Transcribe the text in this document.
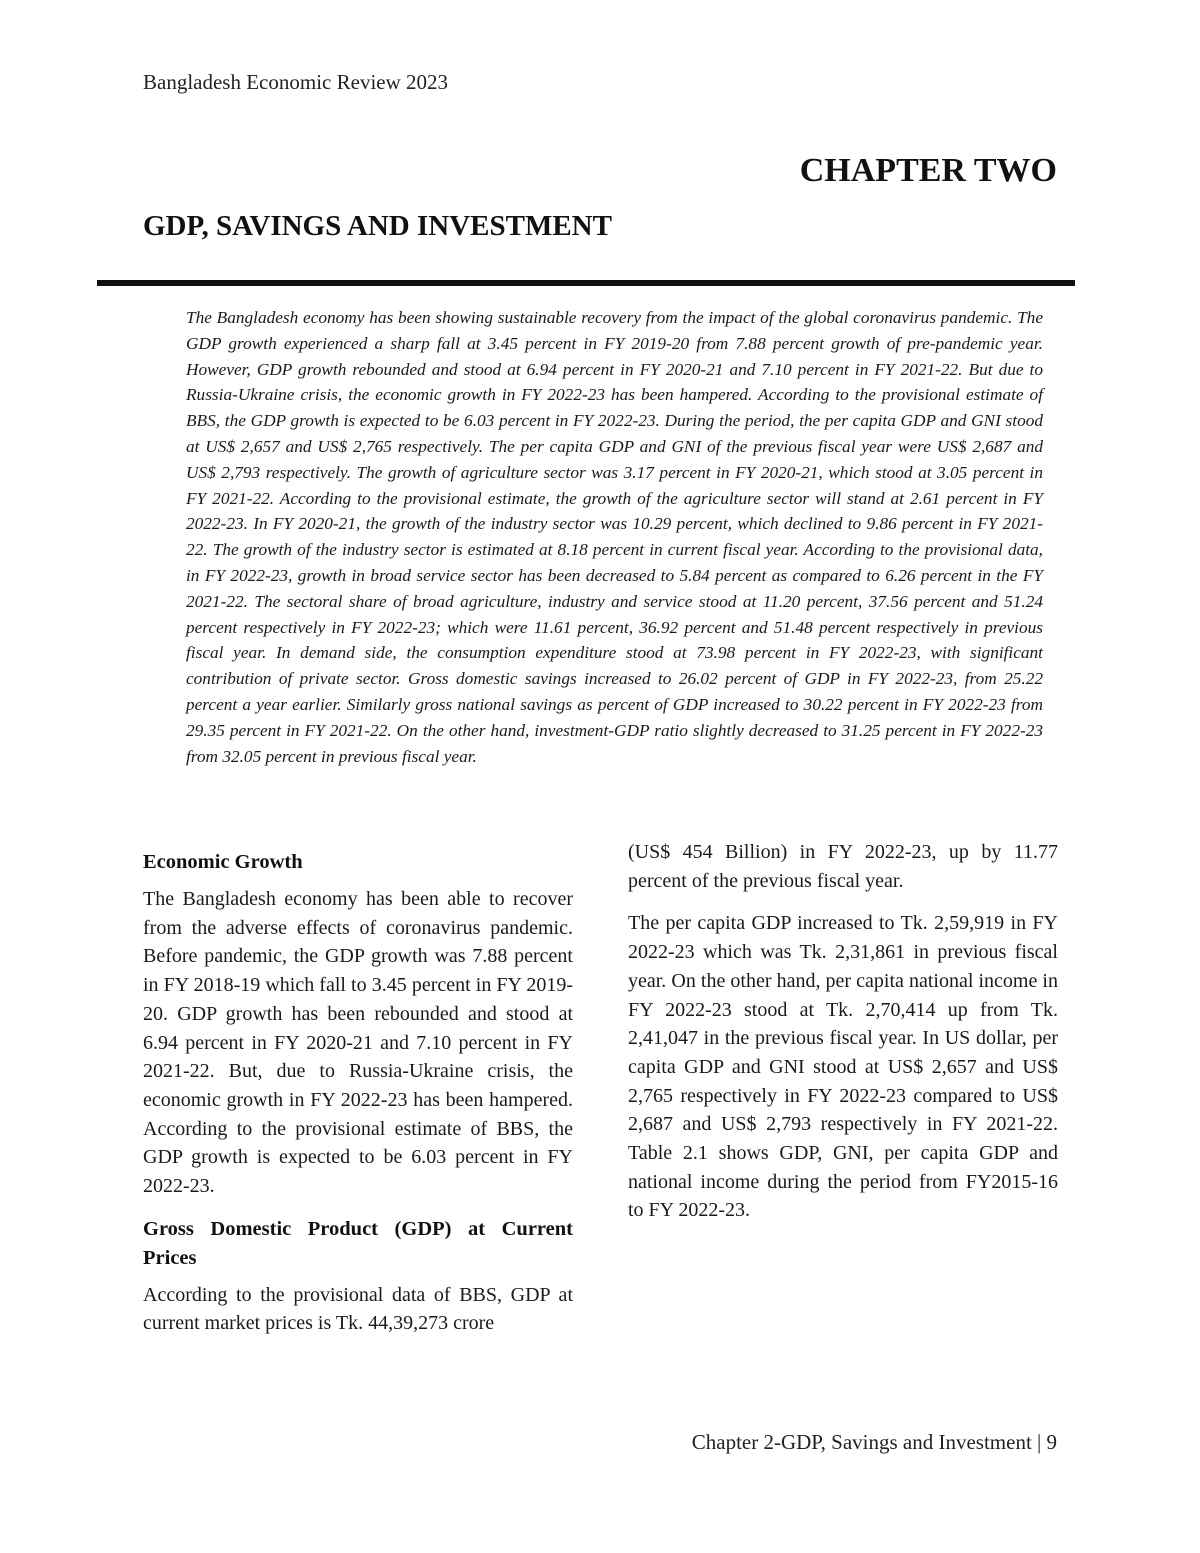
Bangladesh Economic Review 2023
CHAPTER TWO
GDP, SAVINGS AND INVESTMENT

The Bangladesh economy has been showing sustainable recovery from the impact of the global coronavirus pandemic. The GDP growth experienced a sharp fall at 3.45 percent in FY 2019-20 from 7.88 percent growth of pre-pandemic year. However, GDP growth rebounded and stood at 6.94 percent in FY 2020-21 and 7.10 percent in FY 2021-22. But due to Russia-Ukraine crisis, the economic growth in FY 2022-23 has been hampered. According to the provisional estimate of BBS, the GDP growth is expected to be 6.03 percent in FY 2022-23. During the period, the per capita GDP and GNI stood at US$ 2,657 and US$ 2,765 respectively. The per capita GDP and GNI of the previous fiscal year were US$ 2,687 and US$ 2,793 respectively. The growth of agriculture sector was 3.17 percent in FY 2020-21, which stood at 3.05 percent in FY 2021-22. According to the provisional estimate, the growth of the agriculture sector will stand at 2.61 percent in FY 2022-23. In FY 2020-21, the growth of the industry sector was 10.29 percent, which declined to 9.86 percent in FY 2021-22. The growth of the industry sector is estimated at 8.18 percent in current fiscal year. According to the provisional data, in FY 2022-23, growth in broad service sector has been decreased to 5.84 percent as compared to 6.26 percent in the FY 2021-22. The sectoral share of broad agriculture, industry and service stood at 11.20 percent, 37.56 percent and 51.24 percent respectively in FY 2022-23; which were 11.61 percent, 36.92 percent and 51.48 percent respectively in previous fiscal year. In demand side, the consumption expenditure stood at 73.98 percent in FY 2022-23, with significant contribution of private sector. Gross domestic savings increased to 26.02 percent of GDP in FY 2022-23, from 25.22 percent a year earlier. Similarly gross national savings as percent of GDP increased to 30.22 percent in FY 2022-23 from 29.35 percent in FY 2021-22. On the other hand, investment-GDP ratio slightly decreased to 31.25 percent in FY 2022-23 from 32.05 percent in previous fiscal year.

Economic Growth

The Bangladesh economy has been able to recover from the adverse effects of coronavirus pandemic. Before pandemic, the GDP growth was 7.88 percent in FY 2018-19 which fall to 3.45 percent in FY 2019-20. GDP growth has been rebounded and stood at 6.94 percent in FY 2020-21 and 7.10 percent in FY 2021-22. But, due to Russia-Ukraine crisis, the economic growth in FY 2022-23 has been hampered. According to the provisional estimate of BBS, the GDP growth is expected to be 6.03 percent in FY 2022-23.

Gross Domestic Product (GDP) at Current Prices

According to the provisional data of BBS, GDP at current market prices is Tk. 44,39,273 crore

(US$ 454 Billion) in FY 2022-23, up by 11.77 percent of the previous fiscal year.

The per capita GDP increased to Tk. 2,59,919 in FY 2022-23 which was Tk. 2,31,861 in previous fiscal year. On the other hand, per capita national income in FY 2022-23 stood at Tk. 2,70,414 up from Tk. 2,41,047 in the previous fiscal year. In US dollar, per capita GDP and GNI stood at US$ 2,657 and US$ 2,765 respectively in FY 2022-23 compared to US$ 2,687 and US$ 2,793 respectively in FY 2021-22. Table 2.1 shows GDP, GNI, per capita GDP and national income during the period from FY2015-16 to FY 2022-23.

Chapter 2-GDP, Savings and Investment | 9
